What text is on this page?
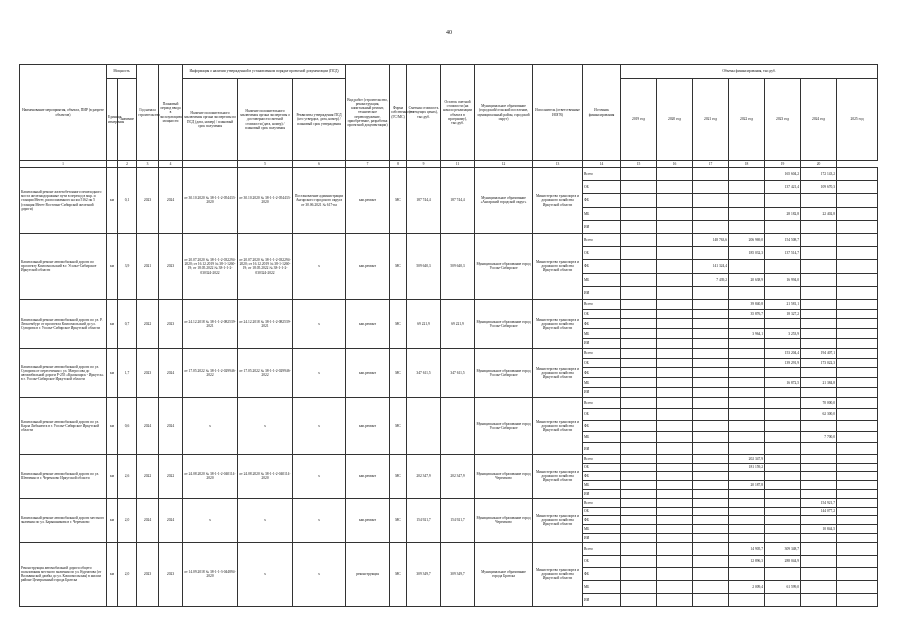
40
Наименование мероприятия, объекта, ПИР (в разрезе объектов)	Мощность		Год начала строительства	Плановый период ввода в эксплуатацию/мощности	Информация о наличии утвержденной в установленном порядке проектной документации (ПСД)			Вид работ (строительство, реконструкция, капитальный ремонт, техническое перевооружение, приобретение, разработка проектной документации)	Форма собственности (ГС/МС)	Сметная стоимость (в текущих ценах), тыс.руб.	Остаток сметной стоимости (на начало реализации объекта в программу), тыс.руб.	Муниципальное образование (городской/сельский поселение, муниципальный район, городской округ)	Исполнитель (ответственные ИОГВ)	Источник финансирования	Объемы финансирования, тыс.руб.						
	Единица измерения	Значение			Наличие положительного заключения органа экспертизы по ПСД (дата, номер) / плановый срок получения	Наличие положительного заключения органа экспертизы о достоверности сметной стоимости (дата, номер) / плановый срок получения	Реквизиты утверждения ПСД (кто утвердил, дата, номер) / плановый срок утверждения								2019 год	2020 год	2021 год	2022 год	2023 год	2024 год	2025 год
1		2	3	4		5	6	7	8	9	11	12	13	14	15	16	17	18	19	20	
Капитальный ремонт железобетонного пешеходного моста железнодорожные пути в переход в мкр. и станции Мегет, расположенного на км 5162 пк 5 (станция Мегет Восточно-Сибирской железной дороги)	км	0,1	2023	2024	от 30.10.2020 № 38-1-1-2-054433-2020	от 30.10.2020 № 38-1-1-2-054433-2020	Постановление администрации Ангарского городского округа от 30.06.2021 № 617-па	кап.ремонт	МС	187 744,4	187 744,4	Муниципальное образование «Ангарский городской округ»	Министерство транспорта и дорожного хозяйства Иркутской области	Всего					165 604,2	172 143,2	
														ОБ					137 421,4	109 670,3	
														ФБ							
														МБ					28 182,8	22 402,8	
														ИИ							
Капитальный ремонт автомобильной дороги по проспекту Комсомольский в г. Усолье-Сибирское Иркутской области	км	3,9	2021	2023	от 20.07.2020 № 38-1-1-2-032294-2020; от 16.12.2019 № 38-1-1260-19; от 18.05.2022 № 38-1-1-2-030324-2022	от 20.07.2020 № 38-1-1-2-032294-2020; от 16.12.2019 № 38-1-1260-19; от 18.05.2022 № 38-1-1-2-030324-2022	х	кап.ремонт	МС	509 640,3	509 640,3	Муниципальное образование город Усолье-Сибирское	Министерство транспорта и дорожного хозяйства Иркутской области	Всего			148 763,6	206 969,0	154 508,7		
														ОБ				185 032,3	137 514,7		
														ФБ			141 324,4				
														МБ			7 439,2	20 638,9	16 994,0		
														ИИ							
Капитальный ремонт автомобильной дороги по ул. Р. Люксембург от проспекта Комсомольский до ул. Суворова в г. Усолье-Сибирское Иркутской области	км	0,7	2022	2023	от 24.12.2018 № 38-1-1-2-082539-2021	от 24.12.2018 № 38-1-1-2-082539-2021	х	кап.ремонт	МС	69 221,9	69 221,9	Муниципальное образование город Усолье-Сибирское	Министерство транспорта и дорожного хозяйства Иркутской области	Всего				39 840,8	21 581,1		
														ОБ				35 876,7	18 327,2		
														ФБ							
														МБ				3 964,1	3 253,9		
														ИИ							
Капитальный ремонт автомобильной дороги по ул. Суворова от пересечения с ул. Матросова до автомобильной дороги Р-255 «Красноярск - Иркутск» в г. Усолье-Сибирское Иркутской области	км	1,7	2023	2024	от 17.05.2022 № 38-1-1-2-029946-2022	от 17.05.2022 № 38-1-1-2-029946-2022	х	кап.ремонт	МС	347 611,5	347 611,5	Муниципальное образование город Усолье-Сибирское	Министерство транспорта и дорожного хозяйства Иркутской области	Всего					153 204,4	194 407,1	
														ОБ					139 291,9	173 022,3	
														ФБ							
														МБ					16 872,5	21 384,8	
														ИИ							
Капитальный ремонт автомобильной дороги по ул. Карла Либкнехта в г. Усолье-Сибирское Иркутской области	км	0,6	2024	2024	х	х	х	кап.ремонт	МС			Муниципальное образование город Усолье-Сибирское	Министерство транспорта и дорожного хозяйства Иркутской области	Всего						70 000,0	
														ОБ						62 300,0	
														ФБ							
														МБ						7 700,0	
														ИИ							
Капитальный ремонт автомобильной дороги по ул. Шевченко в г. Черемхово Иркутской области	км	2,6	2022	2022	от 24.08.2020 № 38-1-1-2-040114-2020	от 24.08.2020 № 38-1-1-2-040114-2020	х	кап.ремонт	МС	202 347,9	202 347,9	Муниципальное образование город Черемхово	Министерство транспорта и дорожного хозяйства Иркутской области	Всего				202 347,9			
														ОБ				181 159,2			
														ФБ							
														МБ				20 187,8			
														ИИ							
Капитальный ремонт автомобильной дороги местного значения по ул. Барышникова в г. Черемхово	км	2,0	2024	2024	х	х	х	кап.ремонт	МС	154 921,7	154 921,7	Муниципальное образование город Черемхово	Министерство транспорта и дорожного хозяйства Иркутской области	Всего						154 921,7	
														ОБ						144 077,2	
														ФБ							
														МБ						10 844,5	
														ИИ							
Реконструкция автомобильной дороги общего пользования местного значения по ул. Курчатова (от Вольвинской дамбы до ул. Комсомольская) в жилом районе Центральный города Братска	км	2,0	2023	2023	от 14.09.2018 № 38-1-1-3-044894-2020	х	х	реконструкция	МС	309 349,7	309 349,7	Муниципальное образование города Братска	Министерство транспорта и дорожного хозяйства Иркутской области	Всего				14 905,7	309 348,7		
														ОБ				12 896,3	288 044,9		
														ФБ							
														МБ				2 009,4	61 599,0		
														ИИ							
